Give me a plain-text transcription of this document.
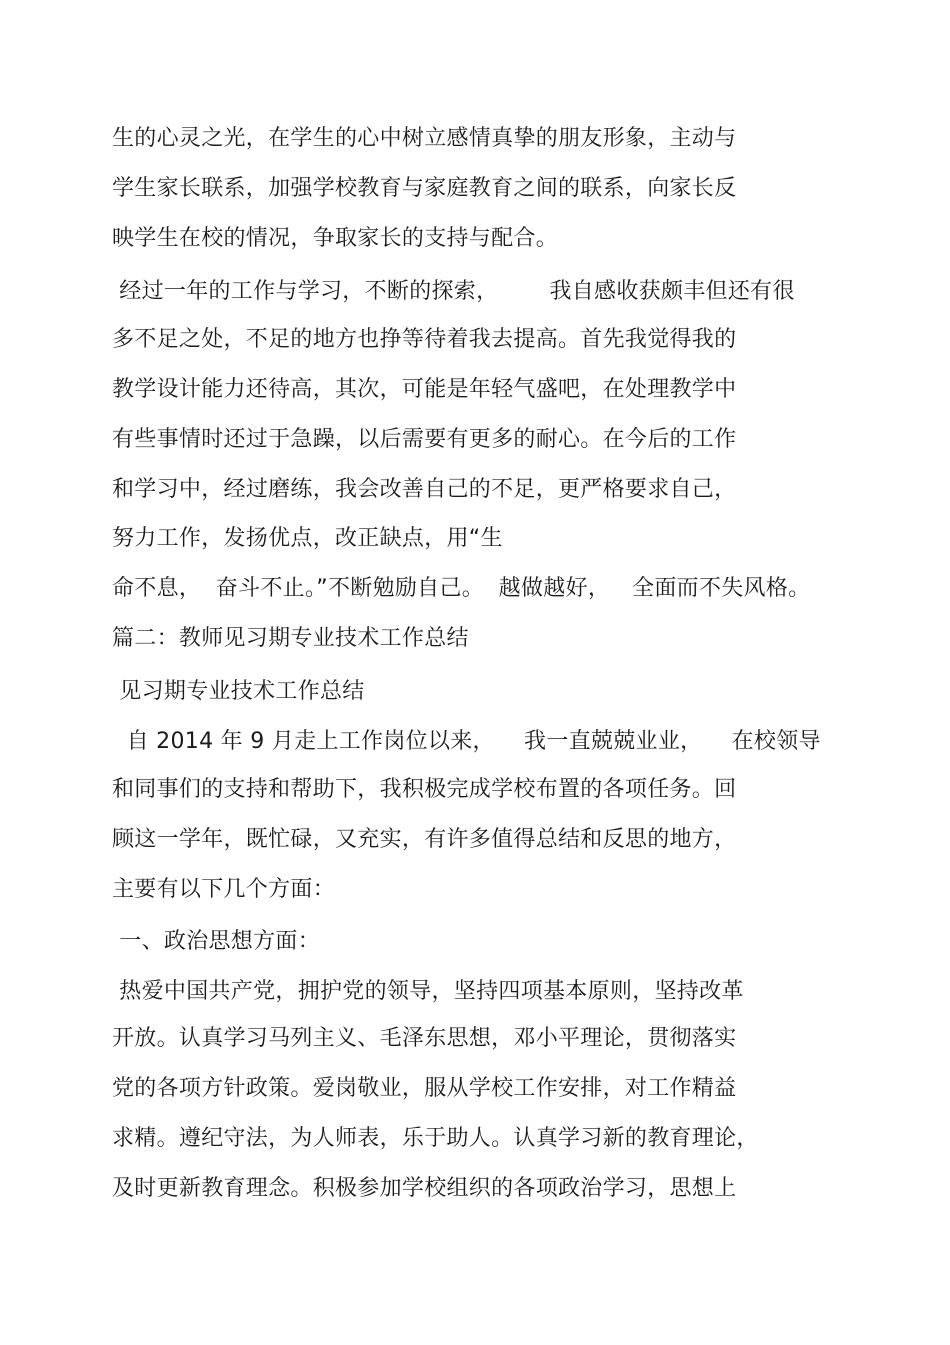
生的心灵之光，在学生的心中树立感情真挚的朋友形象，主动与
学生家长联系，加强学校教育与家庭教育之间的联系，向家长反
映学生在校的情况，争取家长的支持与配合。
经过一年的工作与学习，不断的探索，       我自感收获颇丰但还有很
多不足之处，不足的地方也挣等待着我去提高。首先我觉得我的
教学设计能力还待高，其次，可能是年轻气盛吧，在处理教学中
有些事情时还过于急躁，以后需要有更多的耐心。在今后的工作
和学习中，经过磨练，我会改善自己的不足，更严格要求自己，
努力工作，发扬优点，改正缺点，用“生
命不息，  奋斗不止。”不断勉励自己。  越做越好，   全面而不失风格。
篇二：教师见习期专业技术工作总结
见习期专业技术工作总结
自 2014 年 9 月走上工作岗位以来，    我一直兢兢业业，    在校领导
和同事们的支持和帮助下，我积极完成学校布置的各项任务。回
顾这一学年，既忙碌，又充实，有许多值得总结和反思的地方，
主要有以下几个方面：
一、政治思想方面：
热爱中国共产党，拥护党的领导，坚持四项基本原则，坚持改革
开放。认真学习马列主义、毛泽东思想，邓小平理论，贯彻落实
党的各项方针政策。爱岗敬业，服从学校工作安排，对工作精益
求精。遵纪守法，为人师表，乐于助人。认真学习新的教育理论，
及时更新教育理念。积极参加学校组织的各项政治学习，思想上
